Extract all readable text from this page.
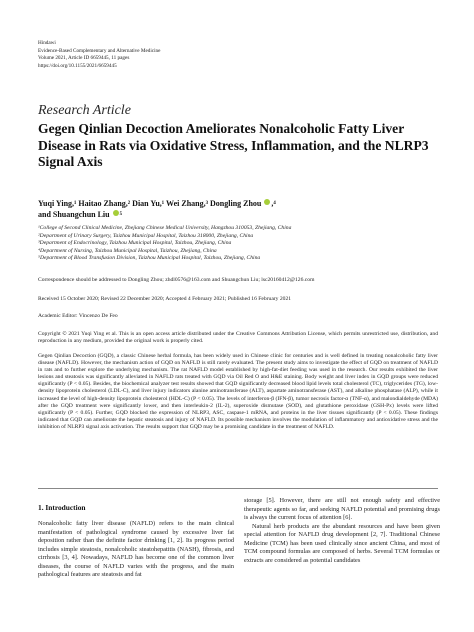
Hindawi
Evidence-Based Complementary and Alternative Medicine
Volume 2021, Article ID 6659445, 11 pages
https://doi.org/10.1155/2021/6659445
Research Article
Gegen Qinlian Decoction Ameliorates Nonalcoholic Fatty Liver Disease in Rats via Oxidative Stress, Inflammation, and the NLRP3 Signal Axis
Yuqi Ying,¹ Haitao Zhang,² Dian Yu,¹ Wei Zhang,³ Dongling Zhou ,⁴
and Shuangchun Liu ⁵
¹College of Second Clinical Medicine, Zhejiang Chinese Medical University, Hangzhou 310053, Zhejiang, China
²Department of Urinary Surgery, Taizhou Municipal Hospital, Taizhou 318000, Zhejiang, China
³Department of Endocrinology, Taizhou Municipal Hospital, Taizhou, Zhejiang, China
⁴Department of Nursing, Taizhou Municipal Hospital, Taizhou, Zhejiang, China
⁵Department of Blood Transfusion Division, Taizhou Municipal Hospital, Taizhou, Zhejiang, China
Correspondence should be addressed to Dongling Zhou; zhdl0576@163.com and Shuangchun Liu; lsc20160412@126.com
Received 15 October 2020; Revised 22 December 2020; Accepted 4 February 2021; Published 16 February 2021
Academic Editor: Vincenzo De Feo
Copyright © 2021 Yuqi Ying et al. This is an open access article distributed under the Creative Commons Attribution License, which permits unrestricted use, distribution, and reproduction in any medium, provided the original work is properly cited.
Gegen Qinlian Decoction (GQD), a classic Chinese herbal formula, has been widely used in Chinese clinic for centuries and is well defined in treating nonalcoholic fatty liver disease (NAFLD). However, the mechanism action of GQD on NAFLD is still rarely evaluated. The present study aims to investigate the effect of GQD on treatment of NAFLD in rats and to further explore the underlying mechanism. The rat NAFLD model established by high-fat-diet feeding was used in the research. Our results exhibited the liver lesions and steatosis was significantly alleviated in NAFLD rats treated with GQD via Oil Red O and H&E staining. Body weight and liver index in GQD groups were reduced significantly (P < 0.05). Besides, the biochemical analyzer test results showed that GQD significantly decreased blood lipid levels total cholesterol (TC), triglycerides (TG), low-density lipoprotein cholesterol (LDL-C), and liver injury indicators alanine aminotransferase (ALT), aspartate aminotransferase (AST), and alkaline phosphatase (ALP), while it increased the level of high-density lipoprotein cholesterol (HDL-C) (P < 0.05). The levels of interferon-β (IFN-β), tumor necrosis factor-α (TNF-α), and malondialdehyde (MDA) after the GQD treatment were significantly lower, and then interleukin-2 (IL-2), superoxide dismutase (SOD), and glutathione peroxidase (GSH-Px) levels were lifted significantly (P < 0.05). Further, GQD blocked the expression of NLRP3, ASC, caspase-1 mRNA, and proteins in the liver tissues significantly (P < 0.05). These findings indicated that GQD can ameliorate the hepatic steatosis and injury of NAFLD. Its possible mechanism involves the modulation of inflammatory and antioxidative stress and the inhibition of NLRP3 signal axis activation. The results support that GQD may be a promising candidate in the treatment of NAFLD.
1. Introduction
Nonalcoholic fatty liver disease (NAFLD) refers to the main clinical manifestation of pathological syndrome caused by excessive liver fat deposition rather than the definite factor drinking [1, 2]. Its progress period includes simple steatosis, nonalcoholic steatohepatitis (NASH), fibrosis, and cirrhosis [3, 4]. Nowadays, NAFLD has become one of the common liver diseases, the course of NAFLD varies with the progress, and the main pathological features are steatosis and fat
storage [5]. However, there are still not enough safety and effective therapeutic agents so far, and seeking NAFLD potential and promising drugs is always the current focus of attention [6].
Natural herb products are the abundant resources and have been given special attention for NAFLD drug development [2, 7]. Traditional Chinese Medicine (TCM) has been used clinically since ancient China, and most of TCM compound formulas are composed of herbs. Several TCM formulas or extracts are considered as potential candidates
